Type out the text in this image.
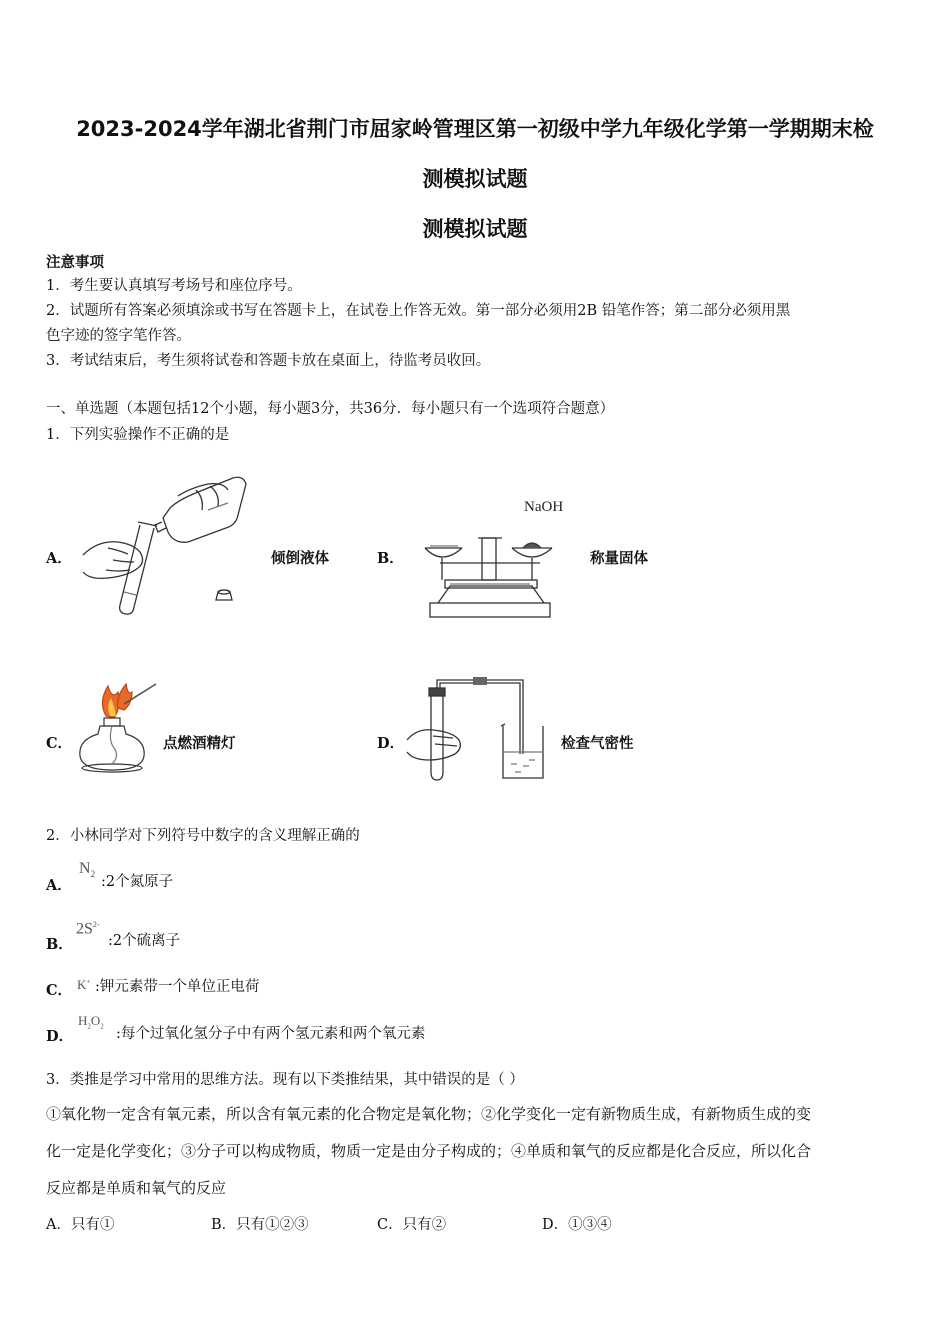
2023-2024学年湖北省荆门市屈家岭管理区第一初级中学九年级化学第一学期期末检
测模拟试题
测模拟试题
注意事项
1．考生要认真填写考场号和座位序号。
2．试题所有答案必须填涂或书写在答题卡上，在试卷上作答无效。第一部分必须用2B 铅笔作答；第二部分必须用黑
色字迹的签字笔作答。
3．考试结束后，考生须将试卷和答题卡放在桌面上，待监考员收回。
一、单选题（本题包括12个小题，每小题3分，共36分．每小题只有一个选项符合题意）
1．下列实验操作不正确的是
A．	倾倒液体	B．
NaOH
称量固体
C．	点燃酒精灯	D．	检查气密性
2．小林同学对下列符号中数字的含义理解正确的
A．
$N_2$ :2个氮原子
B．
$2S^{2-}$
:2个硫离子
C． K+ :钾元素带一个单位正电荷
D．
$H_2O_2$ :每个过氧化氢分子中有两个氢元素和两个氧元素
3．类推是学习中常用的思维方法。现有以下类推结果，其中错误的是（ ）
①氧化物一定含有氧元素，所以含有氧元素的化合物定是氧化物；②化学变化一定有新物质生成，有新物质生成的变
化一定是化学变化；③分子可以构成物质，物质一定是由分子构成的；④单质和氧气的反应都是化合反应，所以化合
反应都是单质和氧气的反应
A．只有①	B．只有①②③	C．只有②	D．①③④
